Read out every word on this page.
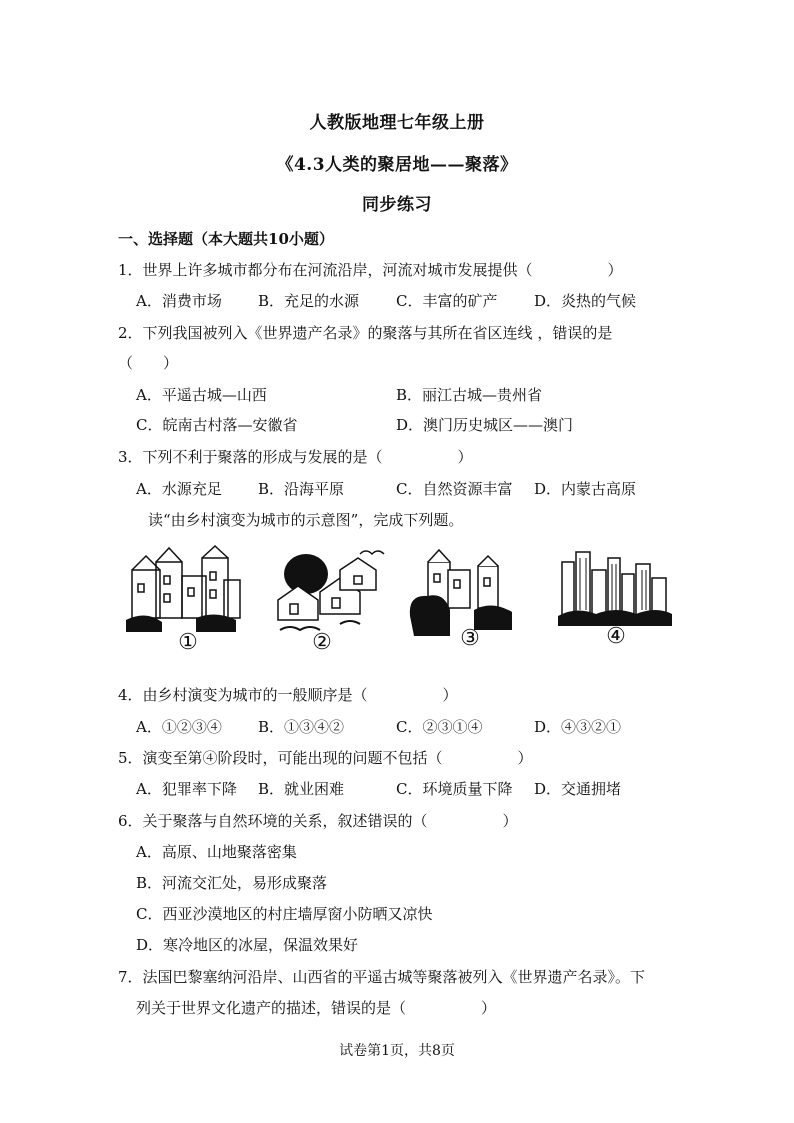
人教版地理七年级上册
《4.3人类的聚居地——聚落》
同步练习
一、选择题（本大题共10小题）
1．世界上许多城市都分布在河流沿岸，河流对城市发展提供（　　　　　）
A．消费市场 B．充足的水源 C．丰富的矿产 D．炎热的气候
2．下列我国被列入《世界遗产名录》的聚落与其所在省区连线 ，错误的是
（　　）
A．平遥古城—山西	B．丽江古城—贵州省
C．皖南古村落—安徽省	D．澳门历史城区——澳门
3．下列不利于聚落的形成与发展的是（　　　　　）
A．水源充足 B．沿海平原	C．自然资源丰富 D．内蒙古高原
读“由乡村演变为城市的示意图”，完成下列题。
①	②	③	④
4．由乡村演变为城市的一般顺序是（　　　　　）
A．①②③④ B．①③④②	C．②③①④	D．④③②①
5．演变至第④阶段时，可能出现的问题不包括（　　　　　）
A．犯罪率下降 B．就业困难	C．环境质量下降 D．交通拥堵
6．关于聚落与自然环境的关系，叙述错误的（　　　　　）
A．高原、山地聚落密集
B．河流交汇处，易形成聚落
C．西亚沙漠地区的村庄墙厚窗小防晒又凉快
D．寒冷地区的冰屋，保温效果好
7．法国巴黎塞纳河沿岸、山西省的平遥古城等聚落被列入《世界遗产名录》。下
列关于世界文化遗产的描述，错误的是（　　　　　）
试卷第1页，共8页
